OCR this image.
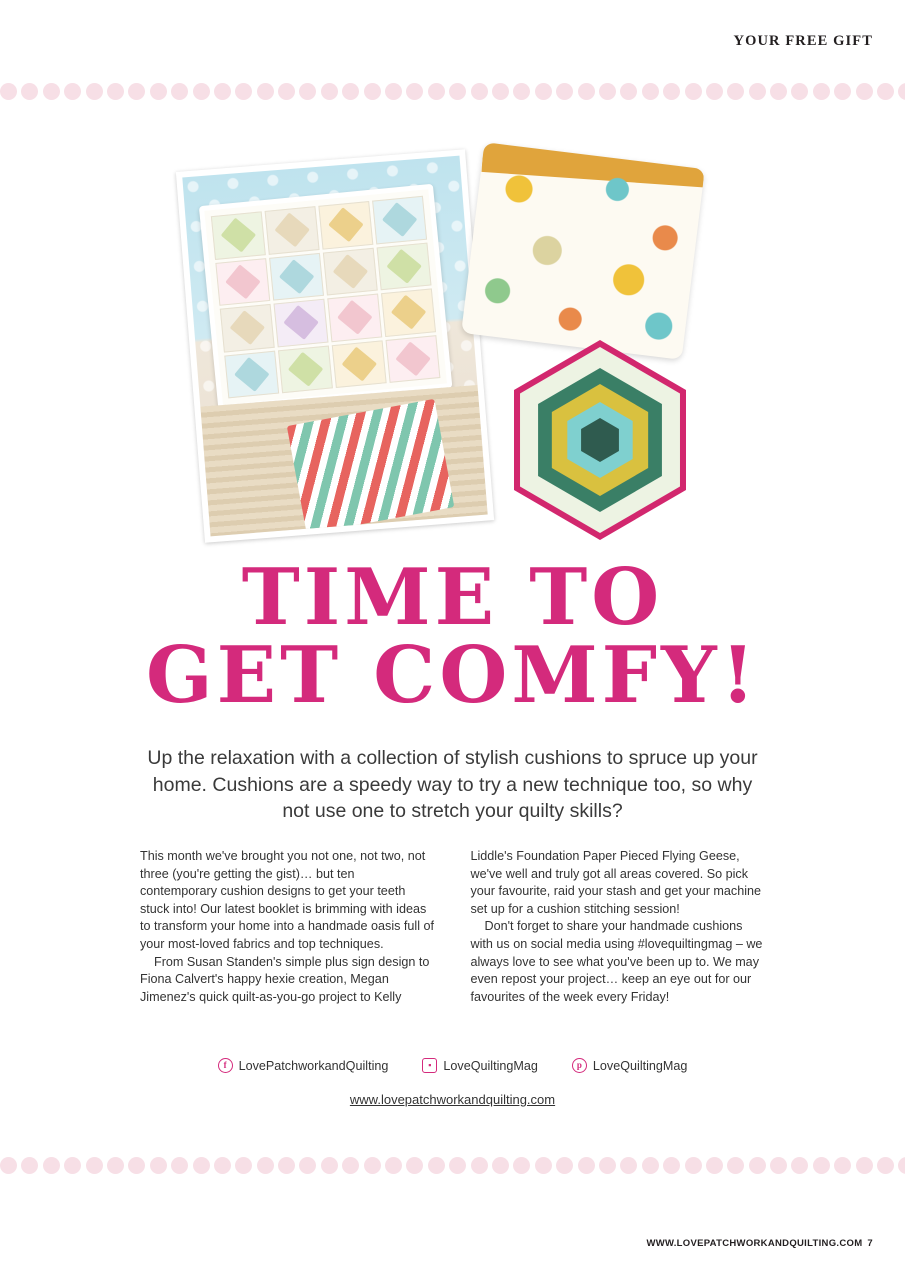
YOUR FREE GIFT
TIME TO
GET COMFY!
Up the relaxation with a collection of stylish cushions to spruce up your home. Cushions are a speedy way to try a new technique too, so why not use one to stretch your quilty skills?

This month we've brought you not one, not two, not three (you're getting the gist)… but ten contemporary cushion designs to get your teeth stuck into! Our latest booklet is brimming with ideas to transform your home into a handmade oasis full of your most-loved fabrics and top techniques.

From Susan Standen's simple plus sign design to Fiona Calvert's happy hexie creation, Megan Jimenez's quick quilt-as-you-go project to Kelly

Liddle's Foundation Paper Pieced Flying Geese, we've well and truly got all areas covered. So pick your favourite, raid your stash and get your machine set up for a cushion stitching session!

Don't forget to share your handmade cushions with us on social media using #lovequiltingmag – we always love to see what you've been up to. We may even repost your project… keep an eye out for our favourites of the week every Friday!

f LovePatchworkandQuilting	▪ LoveQuiltingMag	p LoveQuiltingMag
www.lovepatchworkandquilting.com
WWW.LOVEPATCHWORKANDQUILTING.COM 7
